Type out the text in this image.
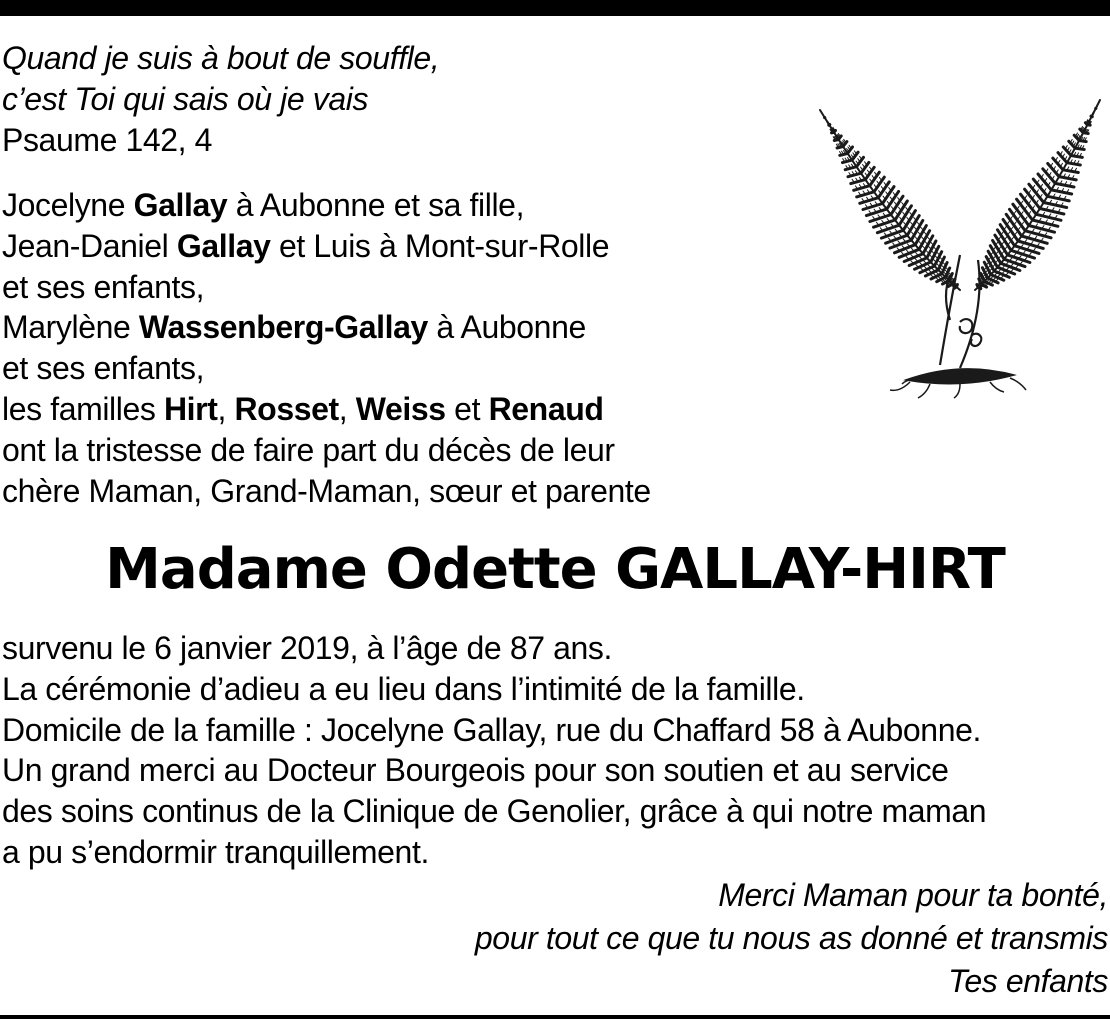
Quand je suis à bout de souffle,
c’est Toi qui sais où je vais
Psaume 142, 4
Jocelyne Gallay à Aubonne et sa fille,
Jean-Daniel Gallay et Luis à Mont-sur-Rolle
et ses enfants,
Marylène Wassenberg-Gallay à Aubonne
et ses enfants,
les familles Hirt, Rosset, Weiss et Renaud
ont la tristesse de faire part du décès de leur
chère Maman, Grand-Maman, sœur et parente
Madame Odette GALLAY-HIRT
survenu le 6 janvier 2019, à l’âge de 87 ans.
La cérémonie d’adieu a eu lieu dans l’intimité de la famille.
Domicile de la famille : Jocelyne Gallay, rue du Chaffard 58 à Aubonne.
Un grand merci au Docteur Bourgeois pour son soutien et au service
des soins continus de la Clinique de Genolier, grâce à qui notre maman
a pu s’endormir tranquillement.
Merci Maman pour ta bonté,
pour tout ce que tu nous as donné et transmis
Tes enfants
